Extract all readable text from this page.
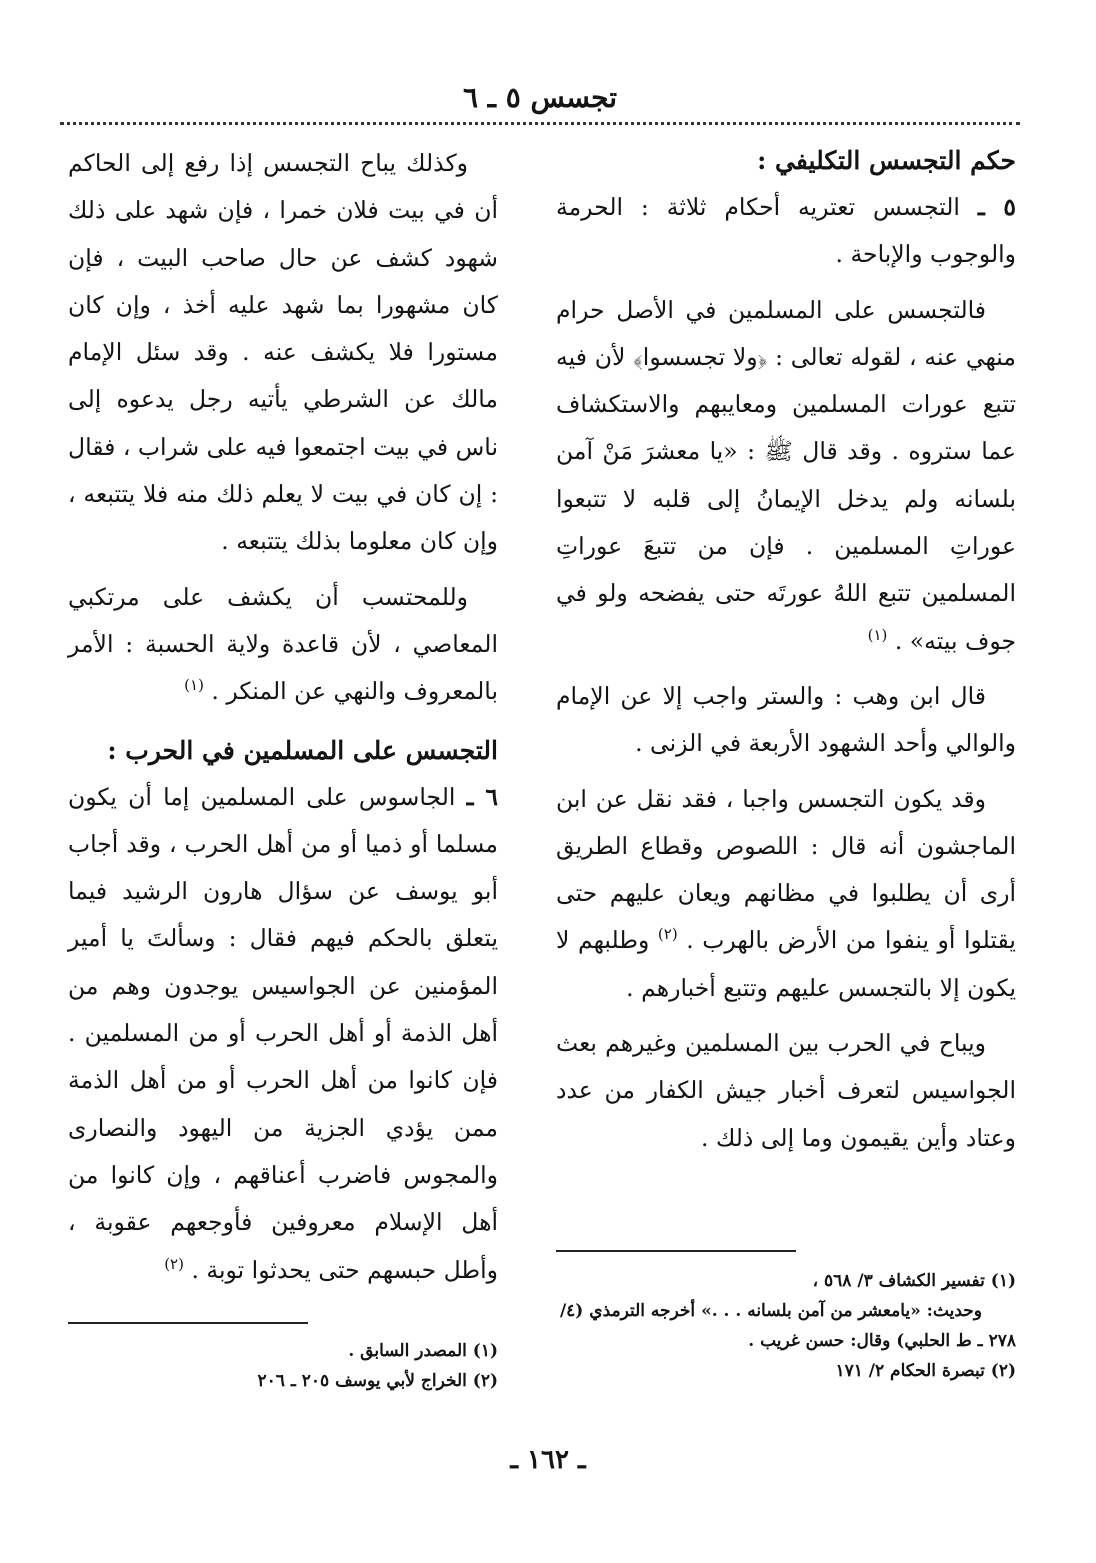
تجسس ٥ ـ ٦
حكم التجسس التكليفي :

٥ ـ التجسس تعتريه أحكام ثلاثة : الحرمة والوجوب والإباحة .

فالتجسس على المسلمين في الأصل حرام منهي عنه ، لقوله تعالى : ﴿ولا تجسسوا﴾ لأن فيه تتبع عورات المسلمين ومعايبهم والاستكشاف عما ستروه . وقد قال ﷺ : «يا معشرَ مَنْ آمن بلسانه ولم يدخل الإيمانُ إلى قلبه لا تتبعوا عوراتِ المسلمين . فإن من تتبعَ عوراتِ المسلمين تتبع اللهُ عورتَه حتى يفضحه ولو في جوف بيته» . $^{(١)}$

قال ابن وهب : والستر واجب إلا عن الإمام والوالي وأحد الشهود الأربعة في الزنى .

وقد يكون التجسس واجبا ، فقد نقل عن ابن الماجشون أنه قال : اللصوص وقطاع الطريق أرى أن يطلبوا في مظانهم ويعان عليهم حتى يقتلوا أو ينفوا من الأرض بالهرب . $^{(٢)}$ وطلبهم لا يكون إلا بالتجسس عليهم وتتبع أخبارهم .

ويباح في الحرب بين المسلمين وغيرهم بعث الجواسيس لتعرف أخبار جيش الكفار من عدد وعتاد وأين يقيمون وما إلى ذلك .

وكذلك يباح التجسس إذا رفع إلى الحاكم أن في بيت فلان خمرا ، فإن شهد على ذلك شهود كشف عن حال صاحب البيت ، فإن كان مشهورا بما شهد عليه أخذ ، وإن كان مستورا فلا يكشف عنه . وقد سئل الإمام مالك عن الشرطي يأتيه رجل يدعوه إلى ناس في بيت اجتمعوا فيه على شراب ، فقال : إن كان في بيت لا يعلم ذلك منه فلا يتتبعه ، وإن كان معلوما بذلك يتتبعه .

وللمحتسب أن يكشف على مرتكبي المعاصي ، لأن قاعدة ولاية الحسبة : الأمر بالمعروف والنهي عن المنكر . $^{(١)}$

التجسس على المسلمين في الحرب :

٦ ـ الجاسوس على المسلمين إما أن يكون مسلما أو ذميا أو من أهل الحرب ، وقد أجاب أبو يوسف عن سؤال هارون الرشيد فيما يتعلق بالحكم فيهم فقال : وسألتَ يا أمير المؤمنين عن الجواسيس يوجدون وهم من أهل الذمة أو أهل الحرب أو من المسلمين . فإن كانوا من أهل الحرب أو من أهل الذمة ممن يؤدي الجزية من اليهود والنصارى والمجوس فاضرب أعناقهم ، وإن كانوا من أهل الإسلام معروفين فأوجعهم عقوبة ، وأطل حبسهم حتى يحدثوا توبة . $^{(٢)}$

(١) تفسير الكشاف ٣/ ٥٦٨ ،

وحديث: «يامعشر من آمن بلسانه . . .» أخرجه الترمذي (٤/ ٢٧٨ ـ ط الحلبي) وقال: حسن غريب .

(٢) تبصرة الحكام ٢/ ١٧١

(١) المصدر السابق .

(٢) الخراج لأبي يوسف ٢٠٥ ـ ٢٠٦

ـ ١٦٢ ـ
